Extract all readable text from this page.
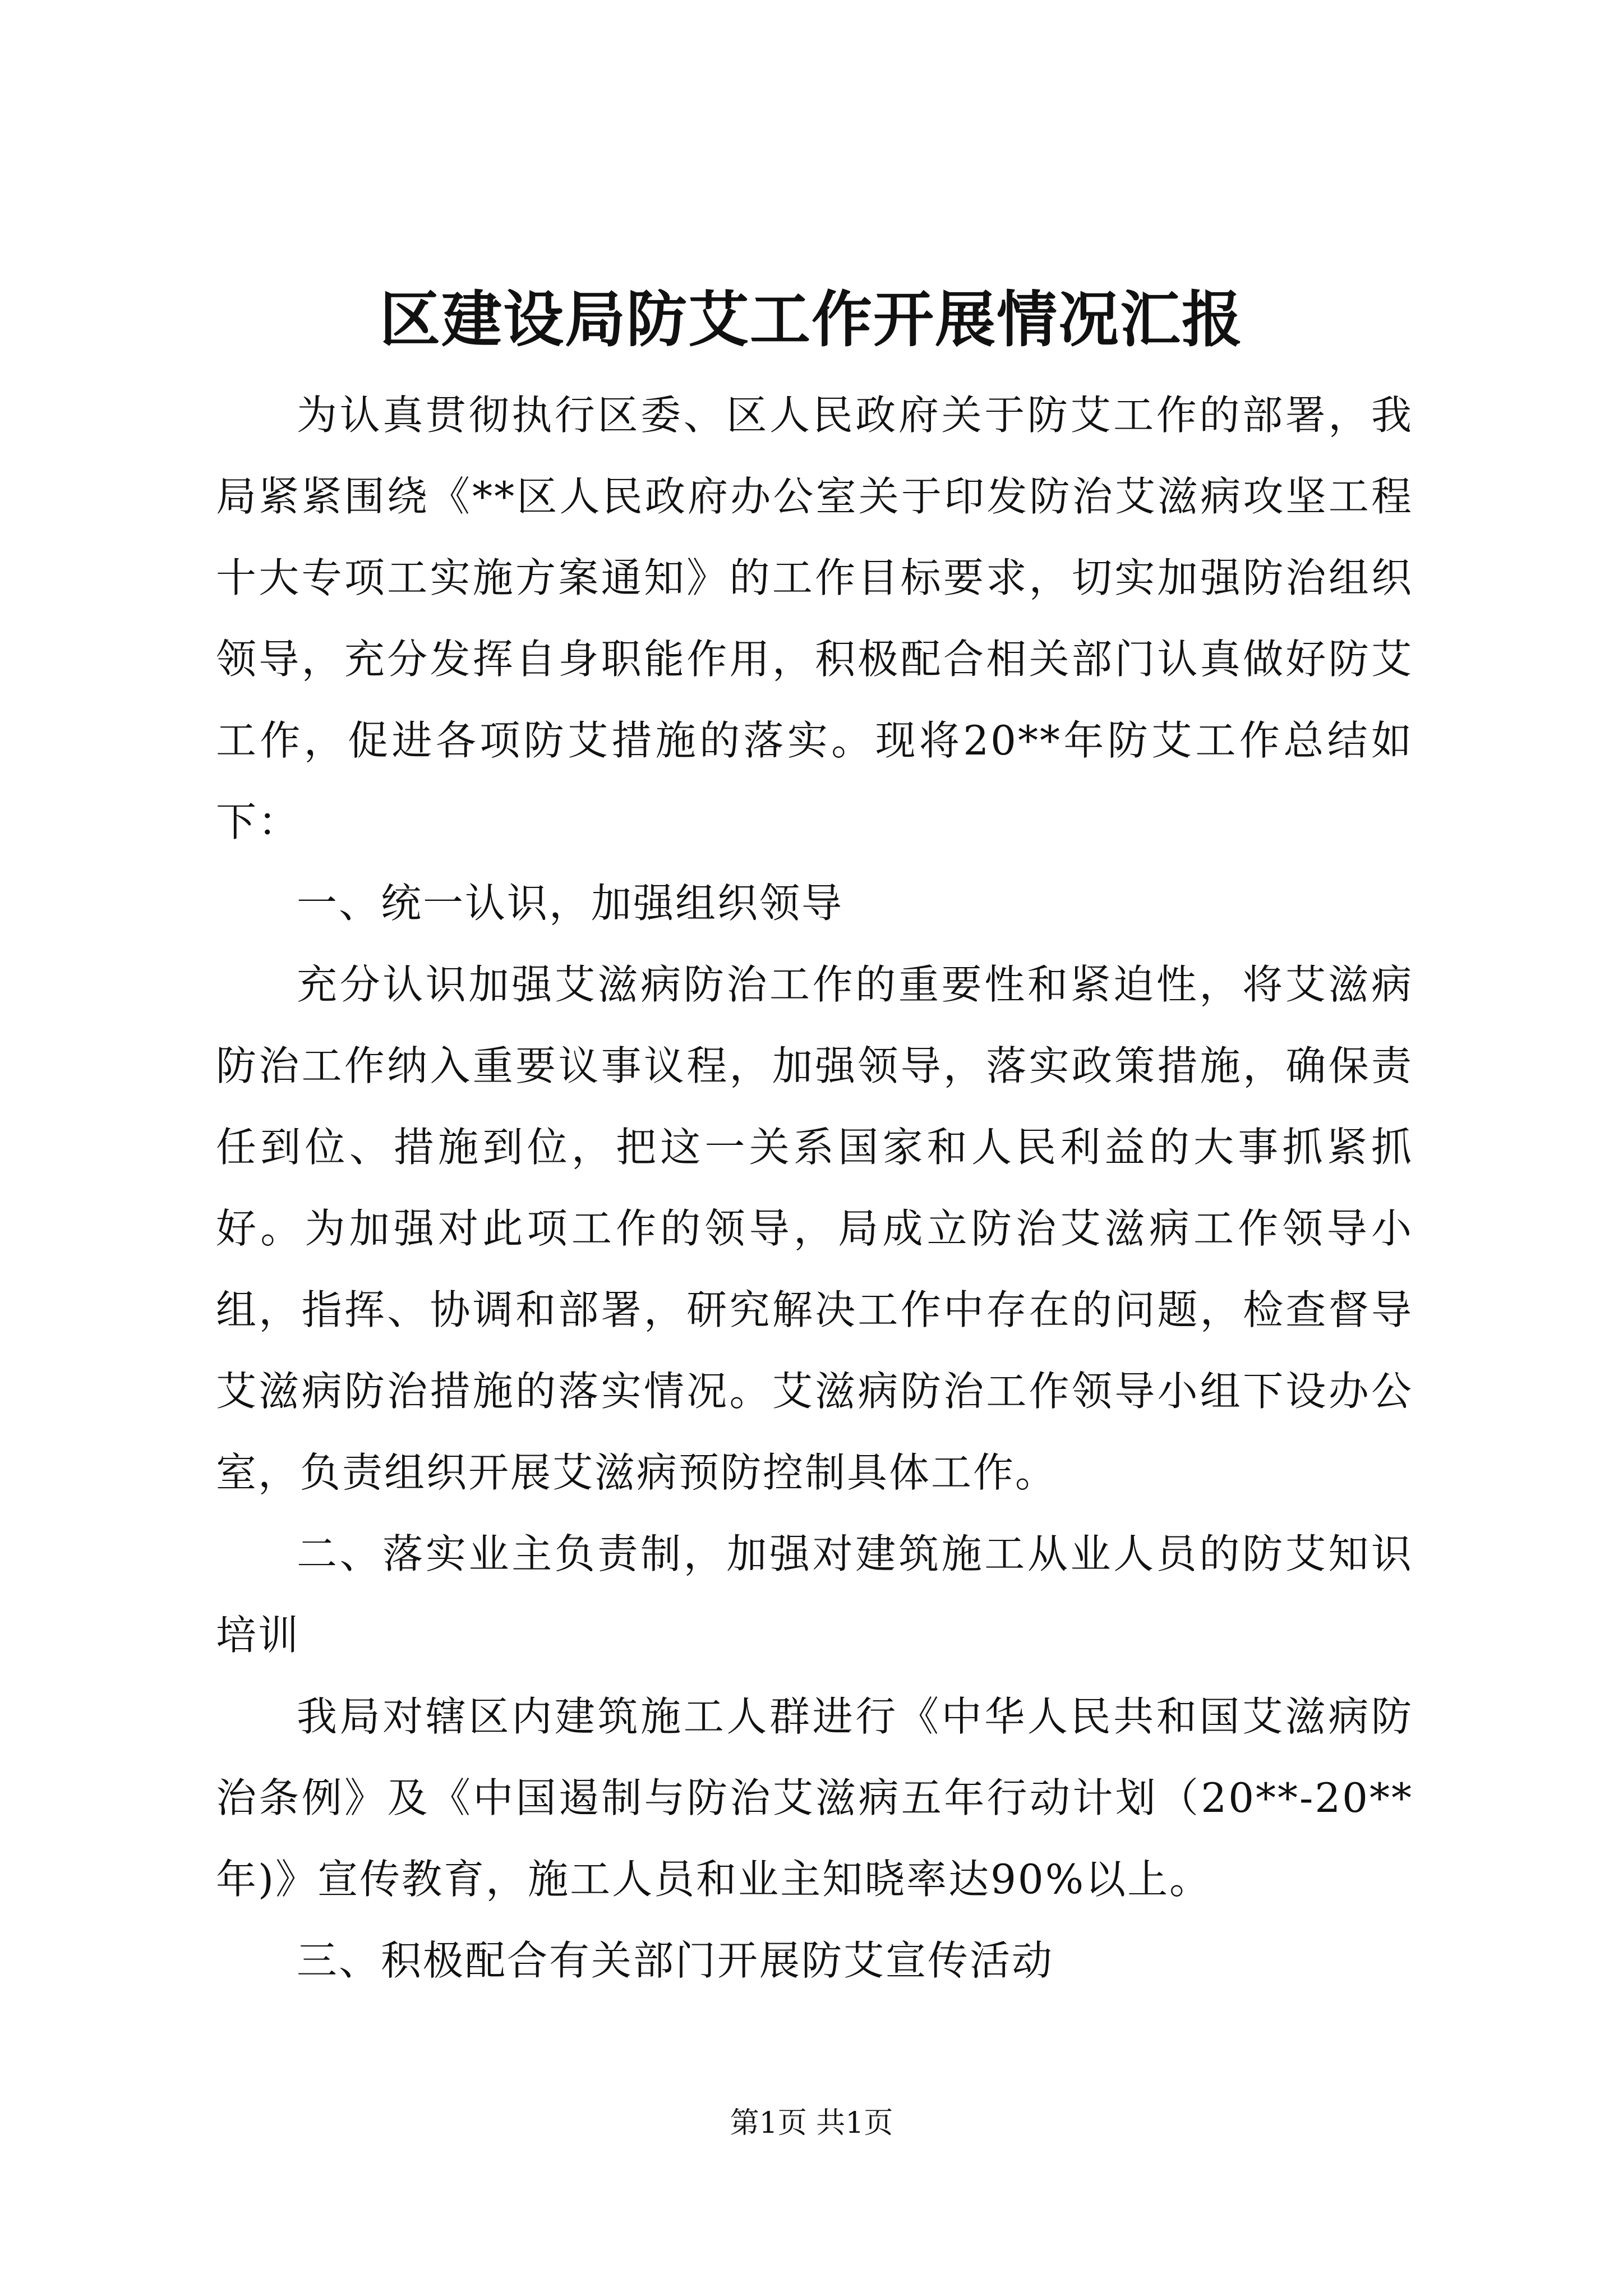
区建设局防艾工作开展情况汇报

为认真贯彻执行区委、区人民政府关于防艾工作的部署，我局紧紧围绕《**区人民政府办公室关于印发防治艾滋病攻坚工程十大专项工实施方案通知》的工作目标要求，切实加强防治组织领导，充分发挥自身职能作用，积极配合相关部门认真做好防艾工作，促进各项防艾措施的落实。现将20**年防艾工作总结如下：

一、统一认识，加强组织领导

充分认识加强艾滋病防治工作的重要性和紧迫性，将艾滋病防治工作纳入重要议事议程，加强领导，落实政策措施，确保责任到位、措施到位，把这一关系国家和人民利益的大事抓紧抓好。为加强对此项工作的领导，局成立防治艾滋病工作领导小组，指挥、协调和部署，研究解决工作中存在的问题，检查督导艾滋病防治措施的落实情况。艾滋病防治工作领导小组下设办公室，负责组织开展艾滋病预防控制具体工作。

二、落实业主负责制，加强对建筑施工从业人员的防艾知识培训

我局对辖区内建筑施工人群进行《中华人民共和国艾滋病防治条例》及《中国遏制与防治艾滋病五年行动计划（20**-20**年)》宣传教育，施工人员和业主知晓率达90%以上。

三、积极配合有关部门开展防艾宣传活动

第1页 共1页
